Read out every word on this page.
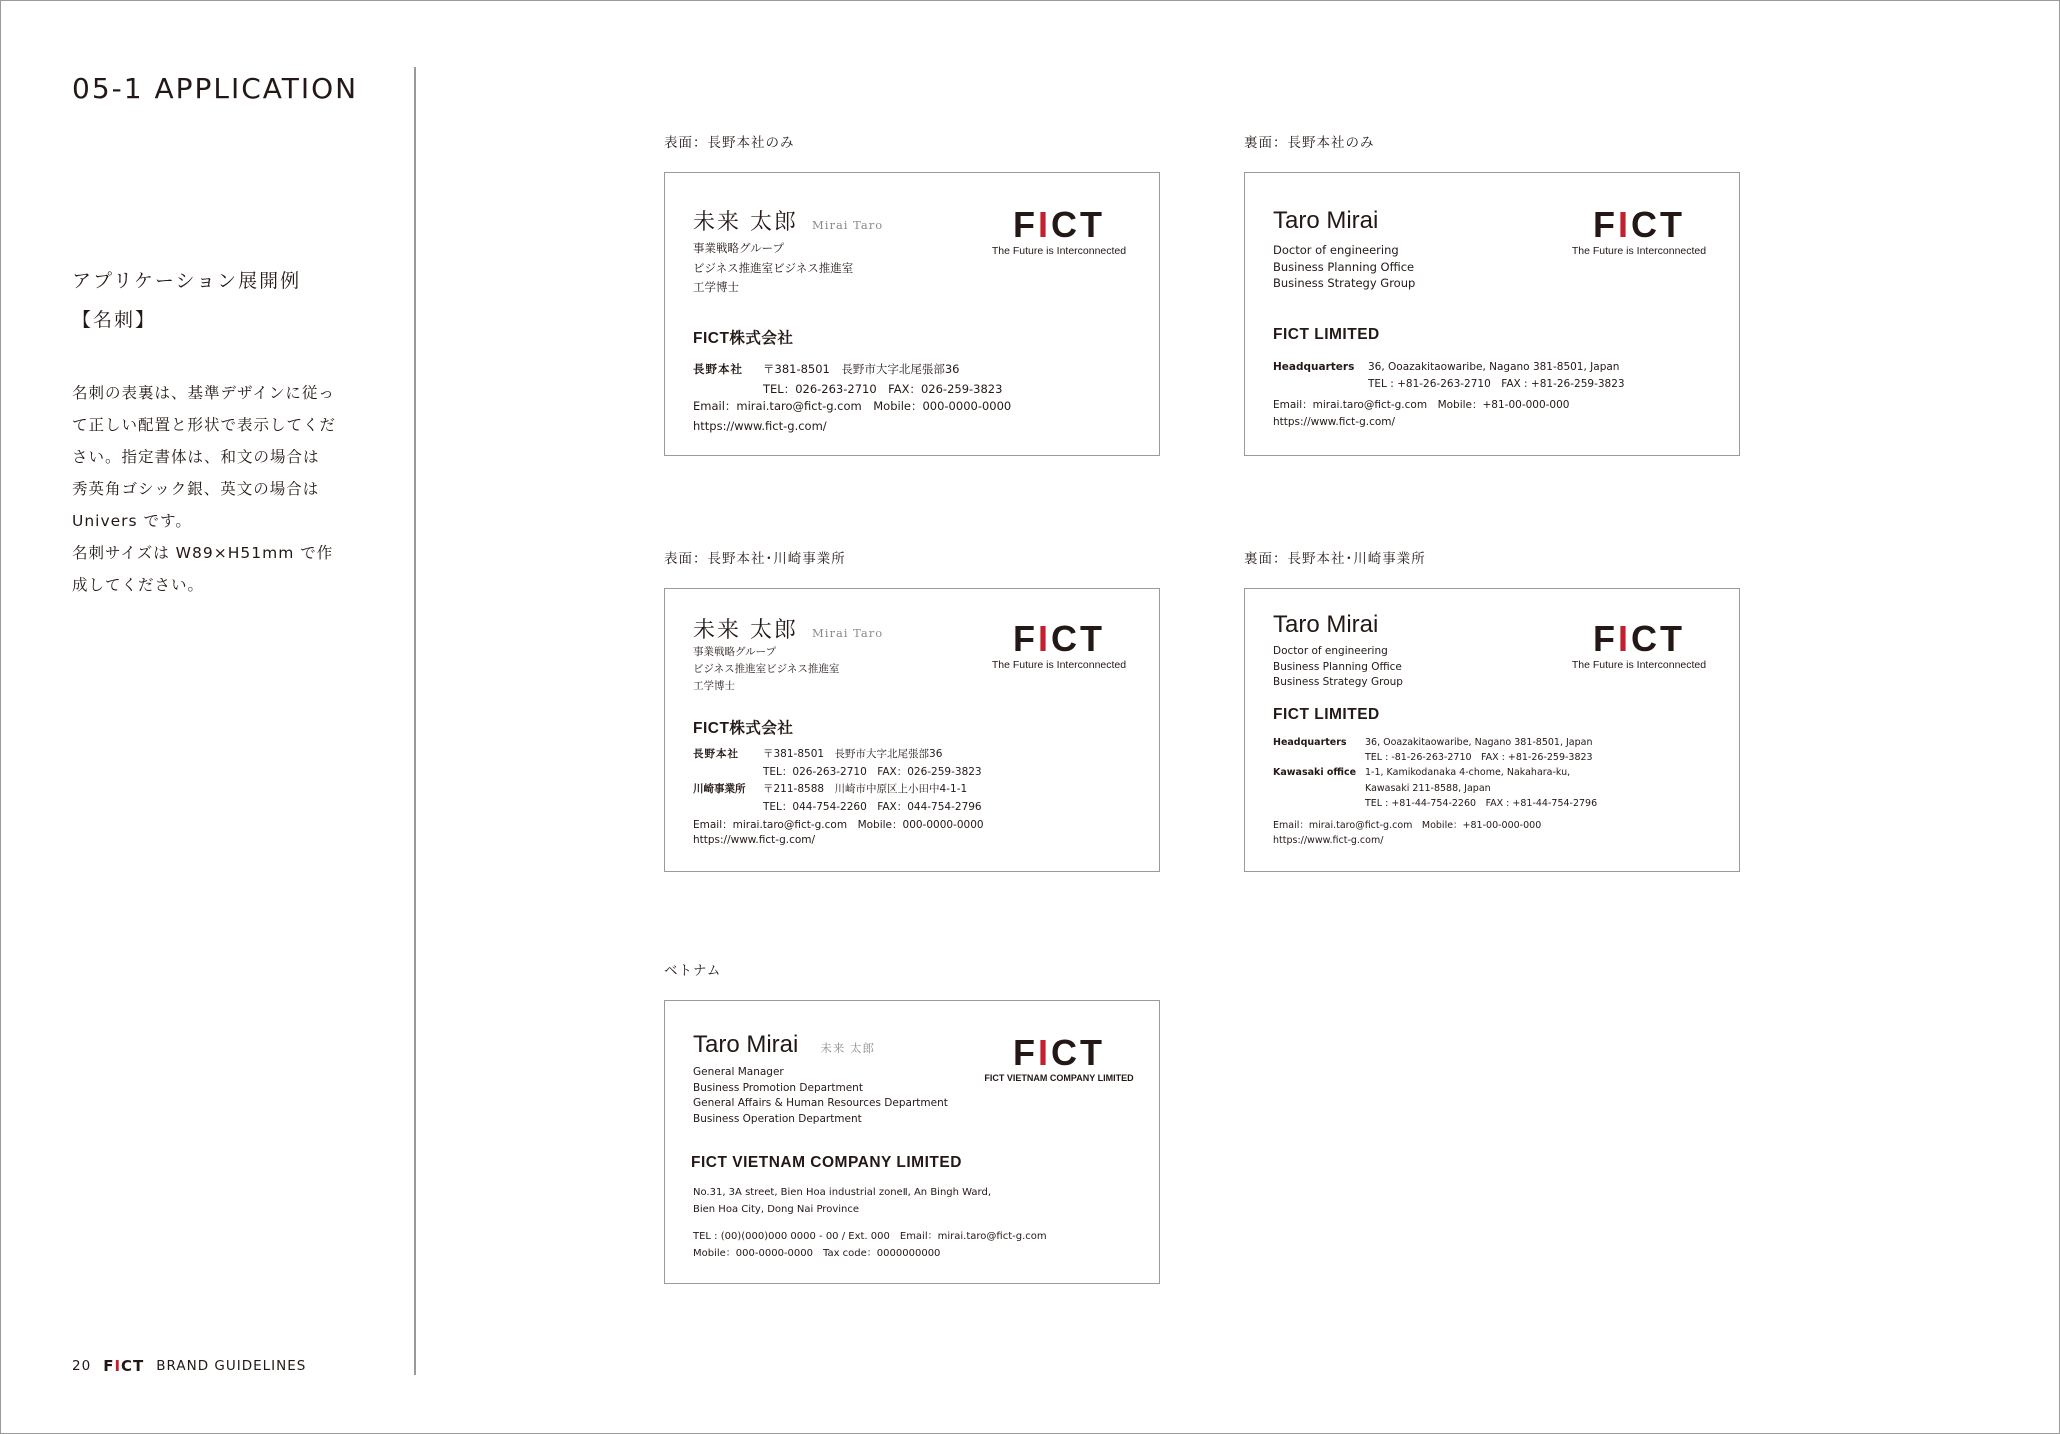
05-1 APPLICATION
アプリケーション展開例
【名刺】
名刺の表裏は、基準デザインに従っ
て正しい配置と形状で表示してくだ
さい。指定書体は、和文の場合は
秀英角ゴシック銀、英文の場合は
Univers です。
名刺サイズは W89×H51mm で作
成してください。
20 FICT BRAND GUIDELINES
表面：長野本社のみ
未来 太郎 Mirai Taro
事業戦略グループ
ビジネス推進室ビジネス推進室
工学博士
FICT
The Future is Interconnected
FICT株式会社
長野本社	〒381-8501　長野市大字北尾張部36
TEL：026-263-2710　FAX：026-259-3823
Email：mirai.taro@fict-g.com　Mobile：000-0000-0000
https://www.fict-g.com/
裏面：長野本社のみ
Taro Mirai
Doctor of engineering
Business Planning Office
Business Strategy Group
FICT
The Future is Interconnected
FICT LIMITED
Headquarters	36, Ooazakitaowaribe, Nagano 381-8501, Japan
TEL : +81-26-263-2710　FAX : +81-26-259-3823
Email：mirai.taro@fict-g.com　Mobile：+81-00-000-000
https://www.fict-g.com/
表面：長野本社･川崎事業所
未来 太郎 Mirai Taro
事業戦略グループ
ビジネス推進室ビジネス推進室
工学博士
FICT
The Future is Interconnected
FICT株式会社
長野本社	〒381-8501　長野市大字北尾張部36
TEL：026-263-2710　FAX：026-259-3823
川崎事業所	〒211-8588　川崎市中原区上小田中4-1-1
TEL：044-754-2260　FAX：044-754-2796
Email：mirai.taro@fict-g.com　Mobile：000-0000-0000
https://www.fict-g.com/
裏面：長野本社･川崎事業所
Taro Mirai
Doctor of engineering
Business Planning Office
Business Strategy Group
FICT
The Future is Interconnected
FICT LIMITED
Headquarters	36, Ooazakitaowaribe, Nagano 381-8501, Japan
TEL : -81-26-263-2710　FAX : +81-26-259-3823
Kawasaki office 1-1, Kamikodanaka 4-chome, Nakahara-ku,
Kawasaki 211-8588, Japan
TEL : +81-44-754-2260　FAX : +81-44-754-2796
Email：mirai.taro@fict-g.com　Mobile：+81-00-000-000
https://www.fict-g.com/
ベトナム
Taro Mirai 未来 太郎
General Manager
Business Promotion Department
General Affairs & Human Resources Department
Business Operation Department
FICT
FICT VIETNAM COMPANY LIMITED
FICT VIETNAM COMPANY LIMITED
No.31, 3A street, Bien Hoa industrial zoneⅡ, An Bingh Ward,
Bien Hoa City, Dong Nai Province
TEL : (00)(000)000 0000 - 00 / Ext. 000　Email：mirai.taro@fict-g.com
Mobile：000-0000-0000　Tax code：0000000000
